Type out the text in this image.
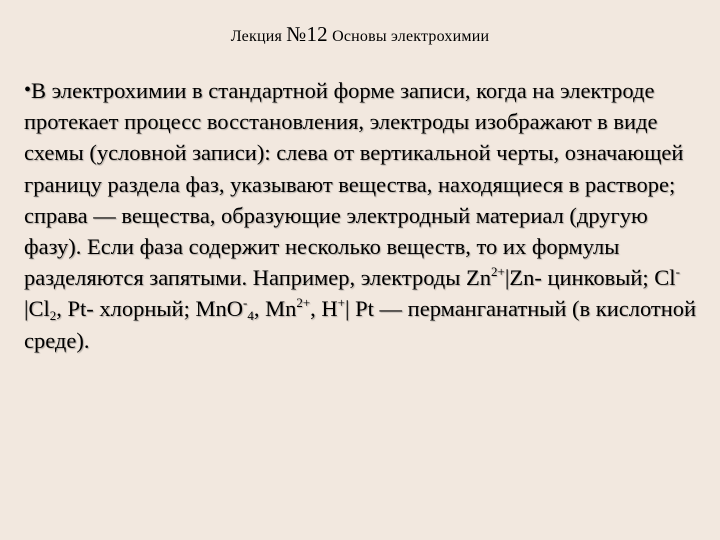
Лекция №12 Основы электрохимии
•В электрохимии в стандартной форме записи, когда на электроде протекает процесс восстановления, электроды изображают в виде схемы (условной записи): слева от вертикальной черты, означающей границу раздела фаз, указывают вещества, находящиеся в растворе; справа — вещества, образующие электродный материал (другую фазу). Если фаза содержит несколько веществ, то их формулы разделяются запятыми. Например, электроды $Zn^{2+}|Zn-$ цинковый; $Cl^-|Cl_2$, Pt- хлорный; MnO-$_4$, $Mn^{2+}$, H+| Pt — перманганатный (в кислотной среде).
